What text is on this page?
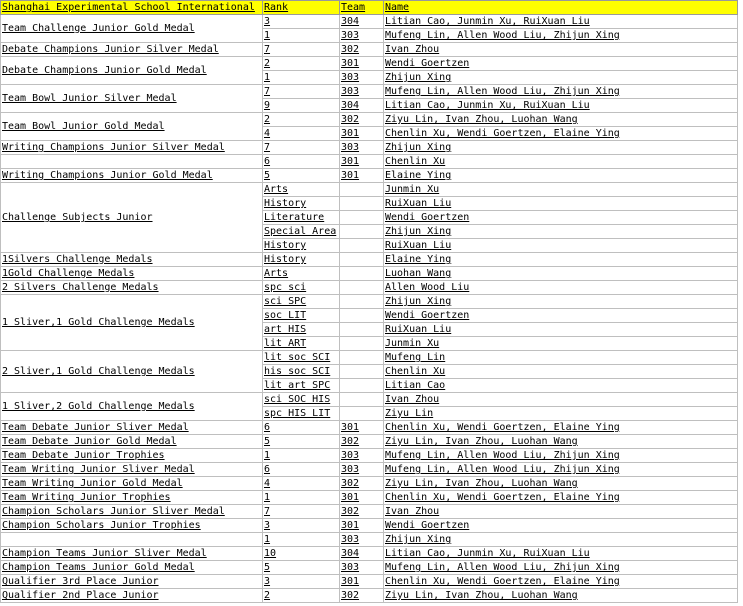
Shanghai Experimental School International	Rank	Team	Name
Team Challenge Junior Gold Medal	3	304	Litian Cao, Junmin Xu, RuiXuan Liu
	1	303	Mufeng Lin, Allen Wood Liu, Zhijun Xing
Debate Champions Junior Silver Medal	7	302	Ivan Zhou
Debate Champions Junior Gold Medal	2	301	Wendi Goertzen
	1	303	Zhijun Xing
Team Bowl Junior Silver Medal	7	303	Mufeng Lin, Allen Wood Liu, Zhijun Xing
	9	304	Litian Cao, Junmin Xu, RuiXuan Liu
Team Bowl Junior Gold Medal	2	302	Ziyu Lin, Ivan Zhou, Luohan Wang
	4	301	Chenlin Xu, Wendi Goertzen, Elaine Ying
Writing Champions Junior Silver Medal	7	303	Zhijun Xing
	6	301	Chenlin Xu
Writing Champions Junior Gold Medal	5	301	Elaine Ying
Challenge Subjects Junior	Arts		Junmin Xu
	History		RuiXuan Liu
	Literature		Wendi Goertzen
	Special Area		Zhijun Xing
	History		RuiXuan Liu
1Silvers Challenge Medals	History		Elaine Ying
1Gold Challenge Medals	Arts		Luohan Wang
2 Silvers Challenge Medals	spc sci		Allen Wood Liu
1 Sliver,1 Gold Challenge Medals	sci SPC		Zhijun Xing
	soc LIT		Wendi Goertzen
	art HIS		RuiXuan Liu
	lit ART		Junmin Xu
2 Sliver,1 Gold Challenge Medals	lit soc SCI		Mufeng Lin
	his soc SCI		Chenlin Xu
	lit art SPC		Litian Cao
1 Sliver,2 Gold Challenge Medals	sci SOC HIS		Ivan Zhou
	spc HIS LIT		Ziyu Lin
Team Debate Junior Sliver Medal	6	301	Chenlin Xu, Wendi Goertzen, Elaine Ying
Team Debate Junior Gold Medal	5	302	Ziyu Lin, Ivan Zhou, Luohan Wang
Team Debate Junior Trophies	1	303	Mufeng Lin, Allen Wood Liu, Zhijun Xing
Team Writing Junior Sliver Medal	6	303	Mufeng Lin, Allen Wood Liu, Zhijun Xing
Team Writing Junior Gold Medal	4	302	Ziyu Lin, Ivan Zhou, Luohan Wang
Team Writing Junior Trophies	1	301	Chenlin Xu, Wendi Goertzen, Elaine Ying
Champion Scholars Junior Sliver Medal	7	302	Ivan Zhou
Champion Scholars Junior Trophies	3	301	Wendi Goertzen
	1	303	Zhijun Xing
Champion Teams Junior Sliver Medal	10	304	Litian Cao, Junmin Xu, RuiXuan Liu
Champion Teams Junior Gold Medal	5	303	Mufeng Lin, Allen Wood Liu, Zhijun Xing
Qualifier 3rd Place Junior	3	301	Chenlin Xu, Wendi Goertzen, Elaine Ying
Qualifier 2nd Place Junior	2	302	Ziyu Lin, Ivan Zhou, Luohan Wang
